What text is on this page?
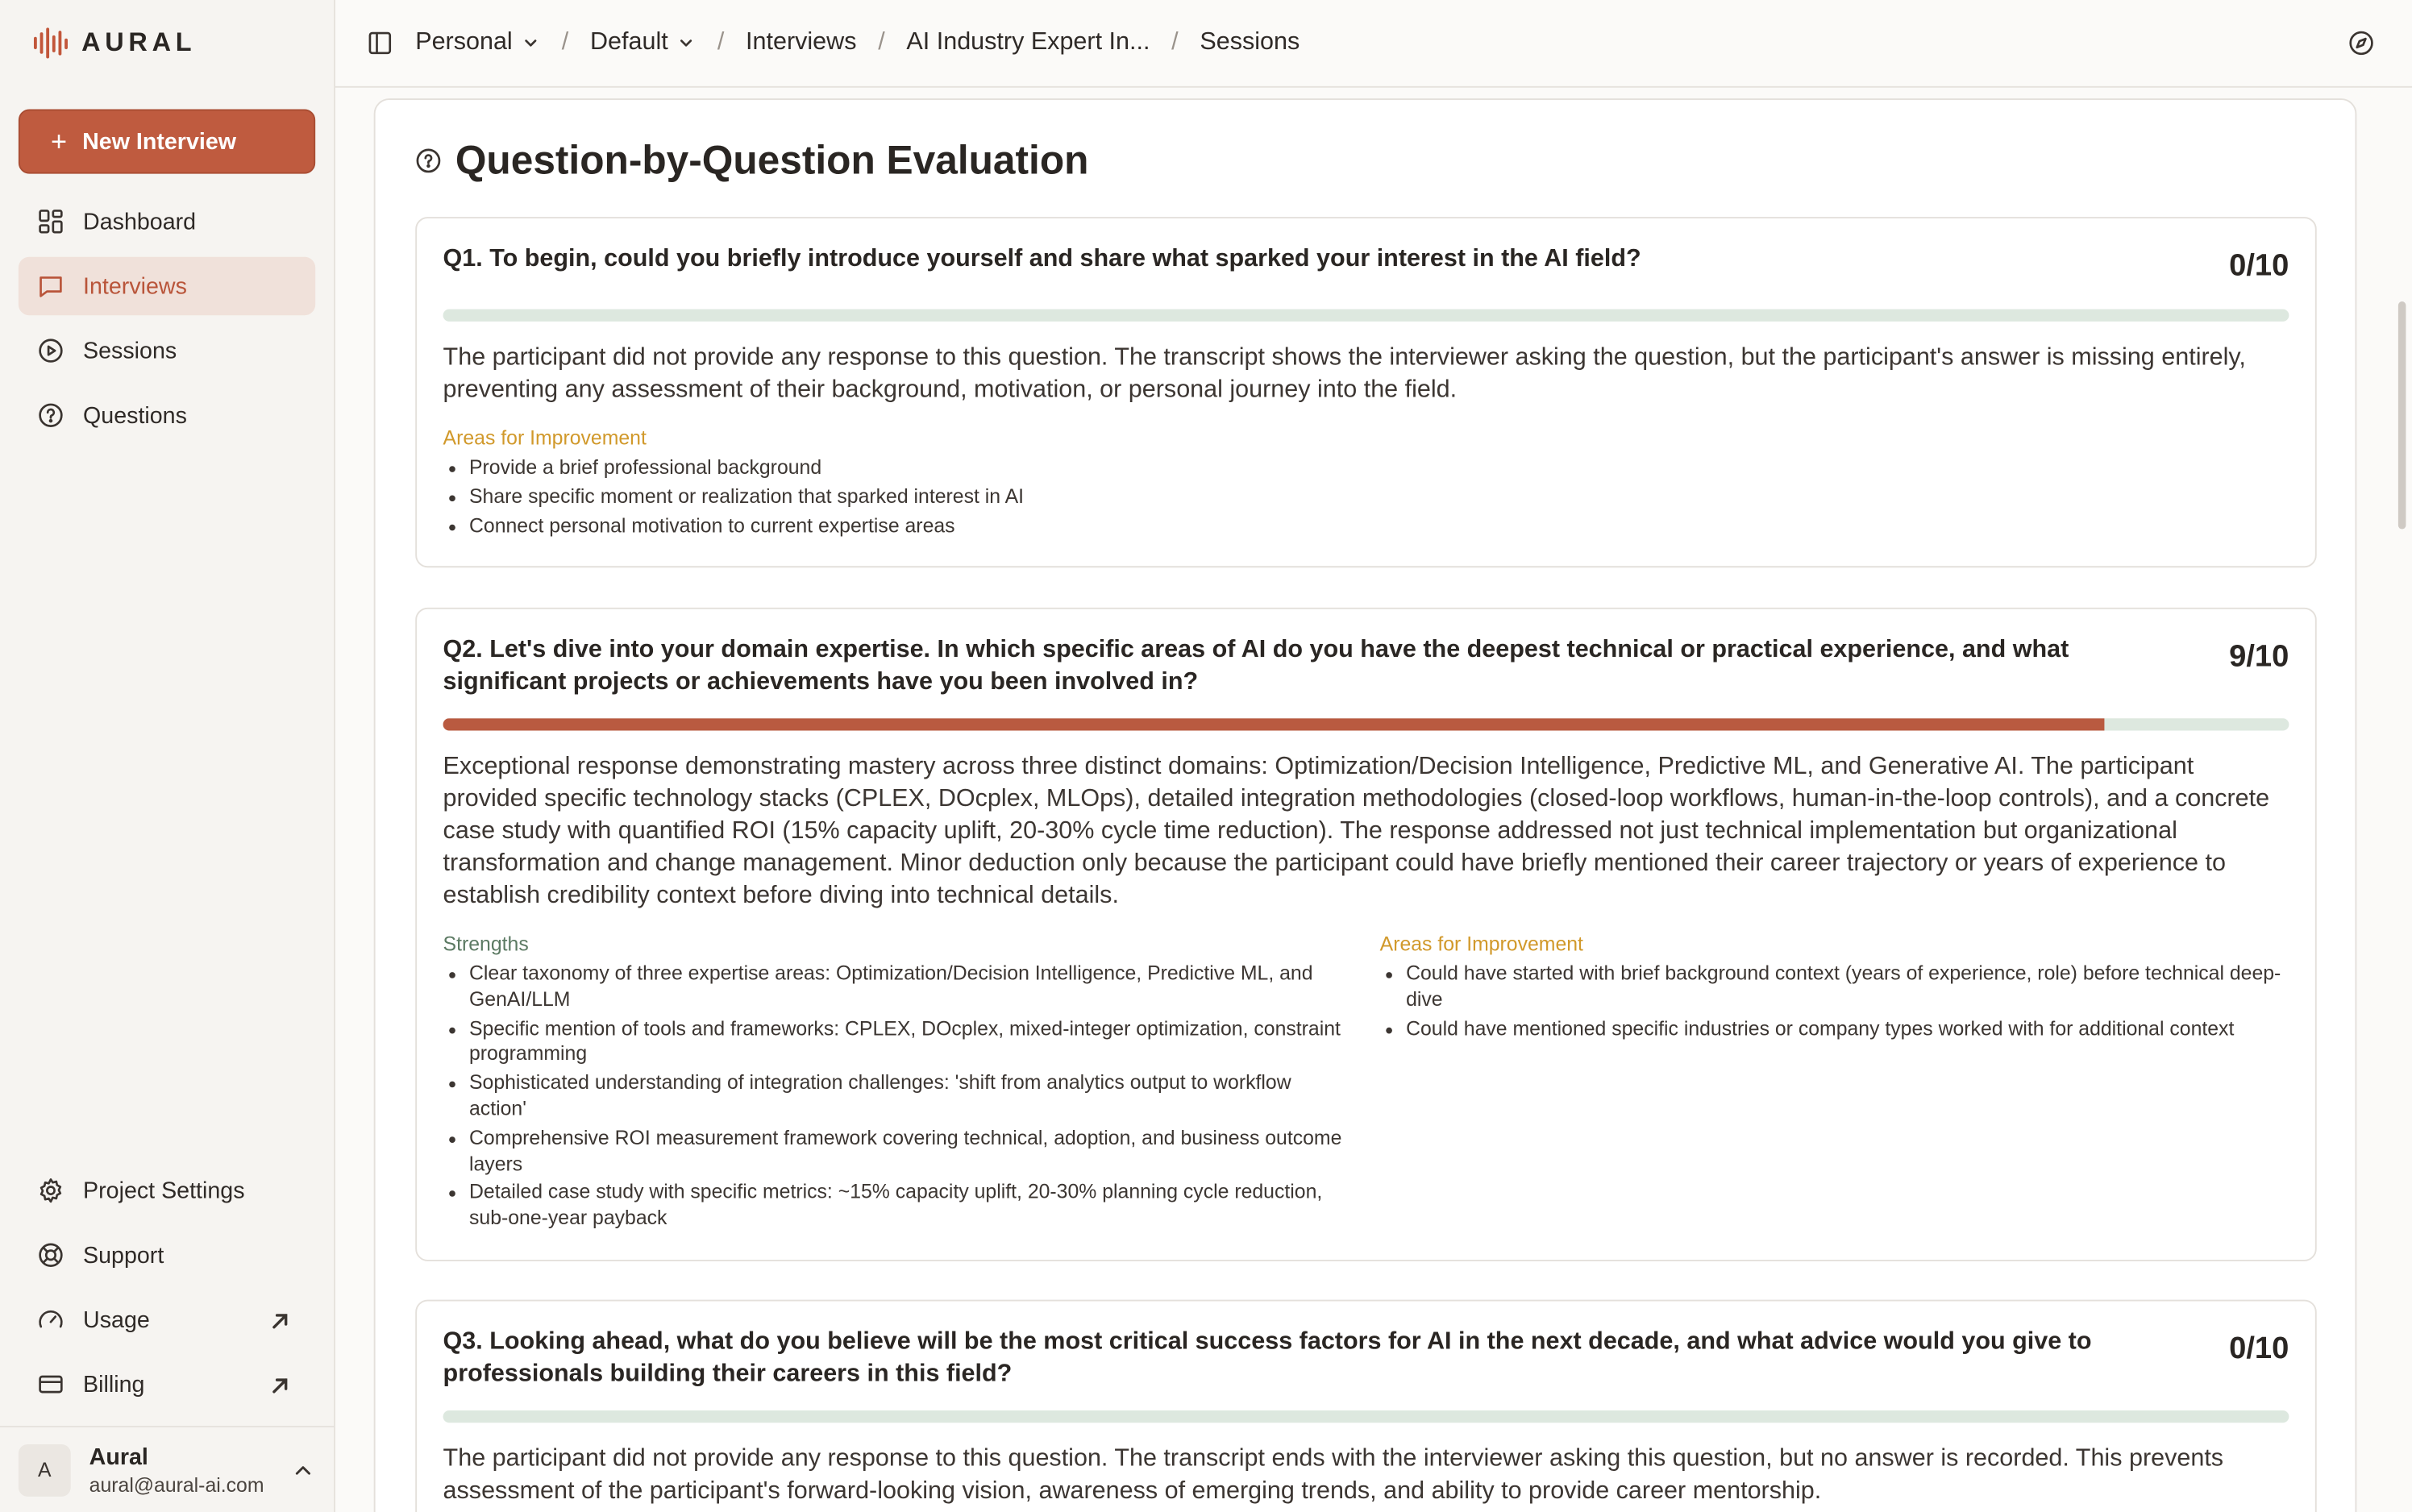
AURAL
+ New Interview
Dashboard
Interviews
Sessions
Questions
Project Settings
Support
Usage
Billing
A
Aural
aural@aural-ai.com
Personal	/ Default	/ Interviews / AI Industry Expert In... / Sessions
Question-by-Question Evaluation
Q1. To begin, could you briefly introduce yourself and share what sparked your interest in the AI field?	0/10
The participant did not provide any response to this question. The transcript shows the interviewer asking the question, but the participant's answer is missing entirely, preventing any assessment of their background, motivation, or personal journey into the field.
Areas for Improvement
Provide a brief professional background
Share specific moment or realization that sparked interest in AI
Connect personal motivation to current expertise areas
Q2. Let's dive into your domain expertise. In which specific areas of AI do you have the deepest technical or practical experience, and what significant projects or achievements have you been involved in?
9/10
Exceptional response demonstrating mastery across three distinct domains: Optimization/Decision Intelligence, Predictive ML, and Generative AI. The participant provided specific technology stacks (CPLEX, DOcplex, MLOps), detailed integration methodologies (closed-loop workflows, human-in-the-loop controls), and a concrete case study with quantified ROI (15% capacity uplift, 20-30% cycle time reduction). The response addressed not just technical implementation but organizational transformation and change management. Minor deduction only because the participant could have briefly mentioned their career trajectory or years of experience to establish credibility context before diving into technical details.
Strengths
Clear taxonomy of three expertise areas: Optimization/Decision Intelligence, Predictive ML, and GenAI/LLM
Specific mention of tools and frameworks: CPLEX, DOcplex, mixed-integer optimization, constraint programming
Sophisticated understanding of integration challenges: 'shift from analytics output to workflow action'
Comprehensive ROI measurement framework covering technical, adoption, and business outcome layers
Detailed case study with specific metrics: ~15% capacity uplift, 20-30% planning cycle reduction, sub-one-year payback
Areas for Improvement
Could have started with brief background context (years of experience, role) before technical deep-dive
Could have mentioned specific industries or company types worked with for additional context
Q3. Looking ahead, what do you believe will be the most critical success factors for AI in the next decade, and what advice would you give to professionals building their careers in this field?
0/10
The participant did not provide any response to this question. The transcript ends with the interviewer asking this question, but no answer is recorded. This prevents assessment of the participant's forward-looking vision, awareness of emerging trends, and ability to provide career mentorship.
